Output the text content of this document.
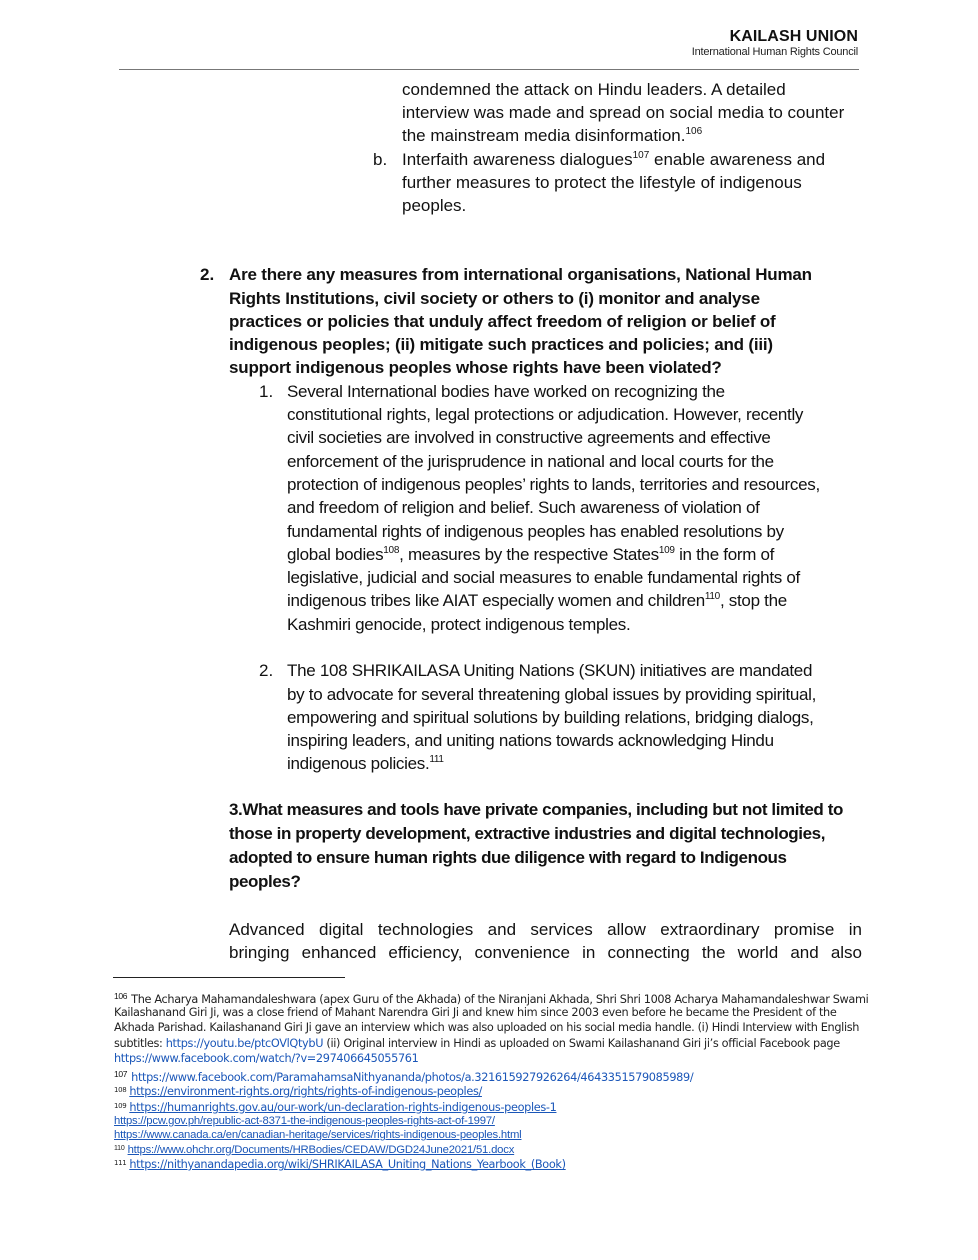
KAILASH UNION
International Human Rights Council
condemned the attack on Hindu leaders. A detailed
interview was made and spread on social media to counter
the mainstream media disinformation.$^{106}$
b. Interfaith awareness dialogues$^{107}$ enable awareness and
further measures to protect the lifestyle of indigenous
peoples.
2. Are there any measures from international organisations, National Human
Rights Institutions, civil society or others to (i) monitor and analyse
practices or policies that unduly affect freedom of religion or belief of
indigenous peoples; (ii) mitigate such practices and policies; and (iii)
support indigenous peoples whose rights have been violated?
1. Several International bodies have worked on recognizing the
constitutional rights, legal protections or adjudication. However, recently
civil societies are involved in constructive agreements and effective
enforcement of the jurisprudence in national and local courts for the
protection of indigenous peoples’ rights to lands, territories and resources,
and freedom of religion and belief. Such awareness of violation of
fundamental rights of indigenous peoples has enabled resolutions by
global bodies$^{108}$, measures by the respective States$^{109}$ in the form of
legislative, judicial and social measures to enable fundamental rights of
indigenous tribes like AIAT especially women and children$^{110}$, stop the
Kashmiri genocide, protect indigenous temples.
2. The 108 SHRIKAILASA Uniting Nations (SKUN) initiatives are mandated
by to advocate for several threatening global issues by providing spiritual,
empowering and spiritual solutions by building relations, bridging dialogs,
inspiring leaders, and uniting nations towards acknowledging Hindu
indigenous policies.$^{111}$
3.What measures and tools have private companies, including but not limited to
those in property development, extractive industries and digital technologies,
adopted to ensure human rights due diligence with regard to Indigenous
peoples?
Advanced digital technologies and services allow extraordinary promise in
bringing enhanced efficiency, convenience in connecting the world and also
$^{106}$ The Acharya Mahamandaleshwara (apex Guru of the Akhada) of the Niranjani Akhada, Shri Shri 1008 Acharya Mahamandaleshwar Swami
Kailashanand Giri Ji, was a close friend of Mahant Narendra Giri Ji and knew him since 2003 even before he became the President of the
Akhada Parishad. Kailashanand Giri Ji gave an interview which was also uploaded on his social media handle. (i) Hindi Interview with English
subtitles: https://youtu.be/ptcOVlQtybU (ii) Original interview in Hindi as uploaded on Swami Kailashanand Giri ji’s official Facebook page
https://www.facebook.com/watch/?v=297406645055761
$^{107}$ https://www.facebook.com/ParamahamsaNithyananda/photos/a.321615927926264/4643351579085989/
$^{108}$ https://environment-rights.org/rights/rights-of-indigenous-peoples/
$^{109}$ https://humanrights.gov.au/our-work/un-declaration-rights-indigenous-peoples-1
https://pcw.gov.ph/republic-act-8371-the-indigenous-peoples-rights-act-of-1997/
https://www.canada.ca/en/canadian-heritage/services/rights-indigenous-peoples.html
$^{110}$ https://www.ohchr.org/Documents/HRBodies/CEDAW/DGD24June2021/51.docx
$^{111}$ https://nithyanandapedia.org/wiki/SHRIKAILASA_Uniting_Nations_Yearbook_(Book)
